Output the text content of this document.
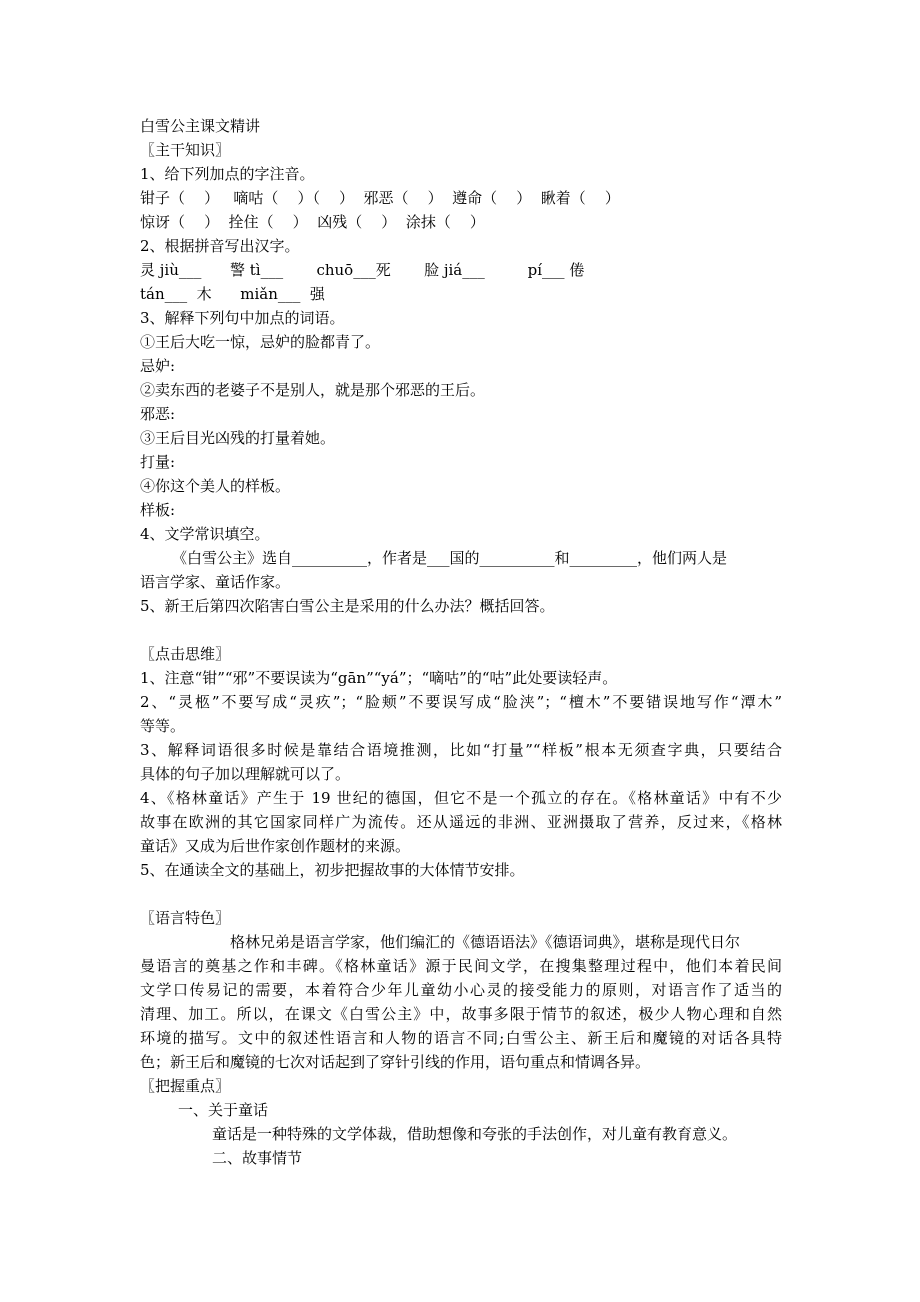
白雪公主课文精讲
〖主干知识〗
1、给下列加点的字注音。
钳子（    ）   嘀咕（    ）（    ）  邪恶（    ）  遵命（    ）  瞅着（    ）
惊讶（    ）  拴住（    ）  凶残（    ）  涂抹（    ）
2、根据拼音写出汉字。
灵 jiù___      警 tì___       chuō___死       脸 jiá___         pí___ 倦
tán___  木      miǎn___  强
3、解释下列句中加点的词语。
①王后大吃一惊，忌妒的脸都青了。
忌妒:
②卖东西的老婆子不是别人，就是那个邪恶的王后。
邪恶:
③王后目光凶残的打量着她。
打量:
④你这个美人的样板。
样板:
4、文学常识填空。
《白雪公主》选自__________，作者是___国的__________和_________，他们两人是
语言学家、童话作家。
5、新王后第四次陷害白雪公主是采用的什么办法？概括回答。
〖点击思维〗
1、注意“钳”“邪”不要误读为“gān”“yá”；“嘀咕”的“咕”此处要读轻声。
2、“灵柩”不要写成“灵疚”；“脸颊”不要误写成“脸浃”；“檀木”不要错误地写作“潭木”
等等。
3、解释词语很多时候是靠结合语境推测，比如“打量”“样板”根本无须查字典，只要结合
具体的句子加以理解就可以了。
4、《格林童话》产生于 19 世纪的德国，但它不是一个孤立的存在。《格林童话》中有不少
故事在欧洲的其它国家同样广为流传。还从遥远的非洲、亚洲摄取了营养，反过来，《格林
童话》又成为后世作家创作题材的来源。
5、在通读全文的基础上，初步把握故事的大体情节安排。
〖语言特色〗
格林兄弟是语言学家，他们编汇的《德语语法》《德语词典》，堪称是现代日尔
曼语言的奠基之作和丰碑。《格林童话》源于民间文学，在搜集整理过程中，他们本着民间
文学口传易记的需要，本着符合少年儿童幼小心灵的接受能力的原则，对语言作了适当的
清理、加工。所以，在课文《白雪公主》中，故事多限于情节的叙述，极少人物心理和自然
环境的描写。文中的叙述性语言和人物的语言不同;白雪公主、新王后和魔镜的对话各具特
色；新王后和魔镜的七次对话起到了穿针引线的作用，语句重点和情调各异。
〖把握重点〗
一、关于童话
童话是一种特殊的文学体裁，借助想像和夸张的手法创作，对儿童有教育意义。
二、故事情节
